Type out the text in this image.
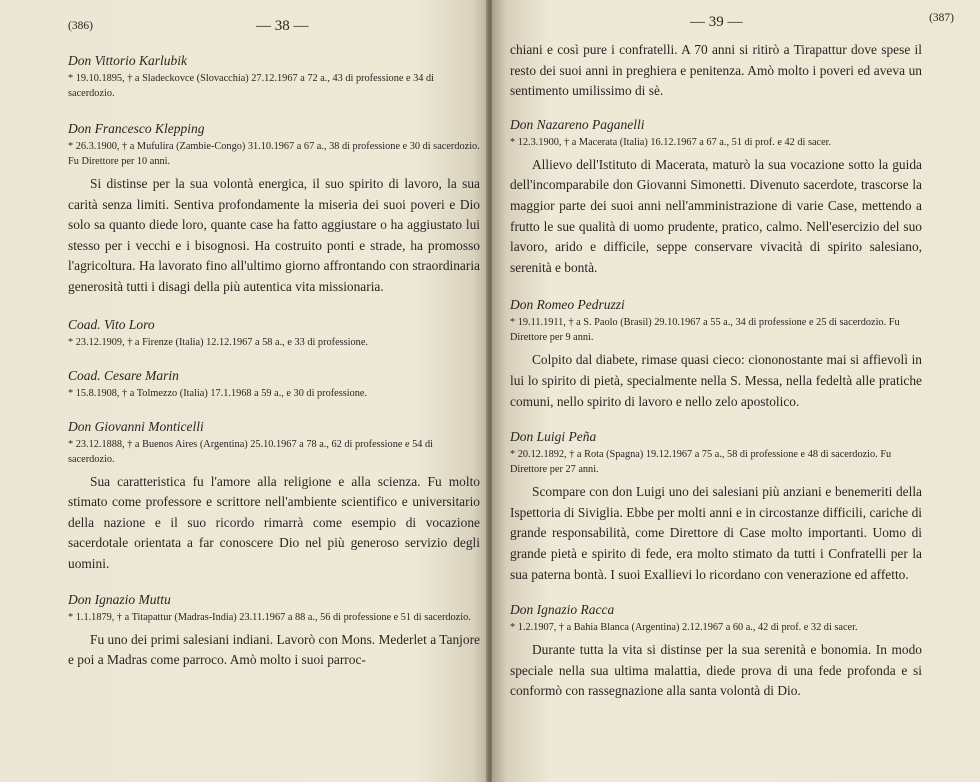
(386)	— 38 —

Don Vittorio Karlubik

* 19.10.1895, † a Sladeckovce (Slovacchia) 27.12.1967 a 72 a., 43 di professione e 34 di sacerdozio.

Don Francesco Klepping

* 26.3.1900, † a Mufulira (Zambie-Congo) 31.10.1967 a 67 a., 38 di professione e 30 di sacerdozio. Fu Direttore per 10 anni.

Si distinse per la sua volontà energica, il suo spirito di lavoro, la sua carità senza limiti. Sentiva profondamente la miseria dei suoi poveri e Dio solo sa quanto diede loro, quante case ha fatto aggiustare o ha aggiustato lui stesso per i vecchi e i bisognosi. Ha costruito ponti e strade, ha promosso l'agricoltura. Ha lavorato fino all'ultimo giorno affrontando con straordinaria generosità tutti i disagi della più autentica vita missionaria.

Coad. Vito Loro

* 23.12.1909, † a Firenze (Italia) 12.12.1967 a 58 a., e 33 di professione.

Coad. Cesare Marin

* 15.8.1908, † a Tolmezzo (Italia) 17.1.1968 a 59 a., e 30 di professione.

Don Giovanni Monticelli

* 23.12.1888, † a Buenos Aires (Argentina) 25.10.1967 a 78 a., 62 di professione e 54 di sacerdozio.

Sua caratteristica fu l'amore alla religione e alla scienza. Fu molto stimato come professore e scrittore nell'ambiente scientifico e universitario della nazione e il suo ricordo rimarrà come esempio di vocazione sacerdotale orientata a far conoscere Dio nel più generoso servizio degli uomini.

Don Ignazio Muttu

* 1.1.1879, † a Titapattur (Madras-India) 23.11.1967 a 88 a., 56 di professione e 51 di sacerdozio.

Fu uno dei primi salesiani indiani. Lavorò con Mons. Mederlet a Tanjore e poi a Madras come parroco. Amò molto i suoi parroc-

— 39 —	(387)

chiani e così pure i confratelli. A 70 anni si ritirò a Tirapattur dove spese il resto dei suoi anni in preghiera e penitenza. Amò molto i poveri ed aveva un sentimento umilissimo di sè.

Don Nazareno Paganelli

* 12.3.1900, † a Macerata (Italia) 16.12.1967 a 67 a., 51 di prof. e 42 di sacer.

Allievo dell'Istituto di Macerata, maturò la sua vocazione sotto la guida dell'incomparabile don Giovanni Simonetti. Divenuto sacerdote, trascorse la maggior parte dei suoi anni nell'amministrazione di varie Case, mettendo a frutto le sue qualità di uomo prudente, pratico, calmo. Nell'esercizio del suo lavoro, arido e difficile, seppe conservare vivacità di spirito salesiano, serenità e bontà.

Don Romeo Pedruzzi

* 19.11.1911, † a S. Paolo (Brasil) 29.10.1967 a 55 a., 34 di professione e 25 di sacerdozio. Fu Direttore per 9 anni.

Colpito dal diabete, rimase quasi cieco: ciononostante mai si affievolì in lui lo spirito di pietà, specialmente nella S. Messa, nella fedeltà alle pratiche comuni, nello spirito di lavoro e nello zelo apostolico.

Don Luigi Peña

* 20.12.1892, † a Rota (Spagna) 19.12.1967 a 75 a., 58 di professione e 48 di sacerdozio. Fu Direttore per 27 anni.

Scompare con don Luigi uno dei salesiani più anziani e benemeriti della Ispettoria di Siviglia. Ebbe per molti anni e in circostanze difficili, cariche di grande responsabilità, come Direttore di Case molto importanti. Uomo di grande pietà e spirito di fede, era molto stimato da tutti i Confratelli per la sua paterna bontà. I suoi Exallievi lo ricordano con venerazione ed affetto.

Don Ignazio Racca

* 1.2.1907, † a Bahia Blanca (Argentina) 2.12.1967 a 60 a., 42 di prof. e 32 di sacer.

Durante tutta la vita si distinse per la sua serenità e bonomia. In modo speciale nella sua ultima malattia, diede prova di una fede profonda e si conformò con rassegnazione alla santa volontà di Dio.
